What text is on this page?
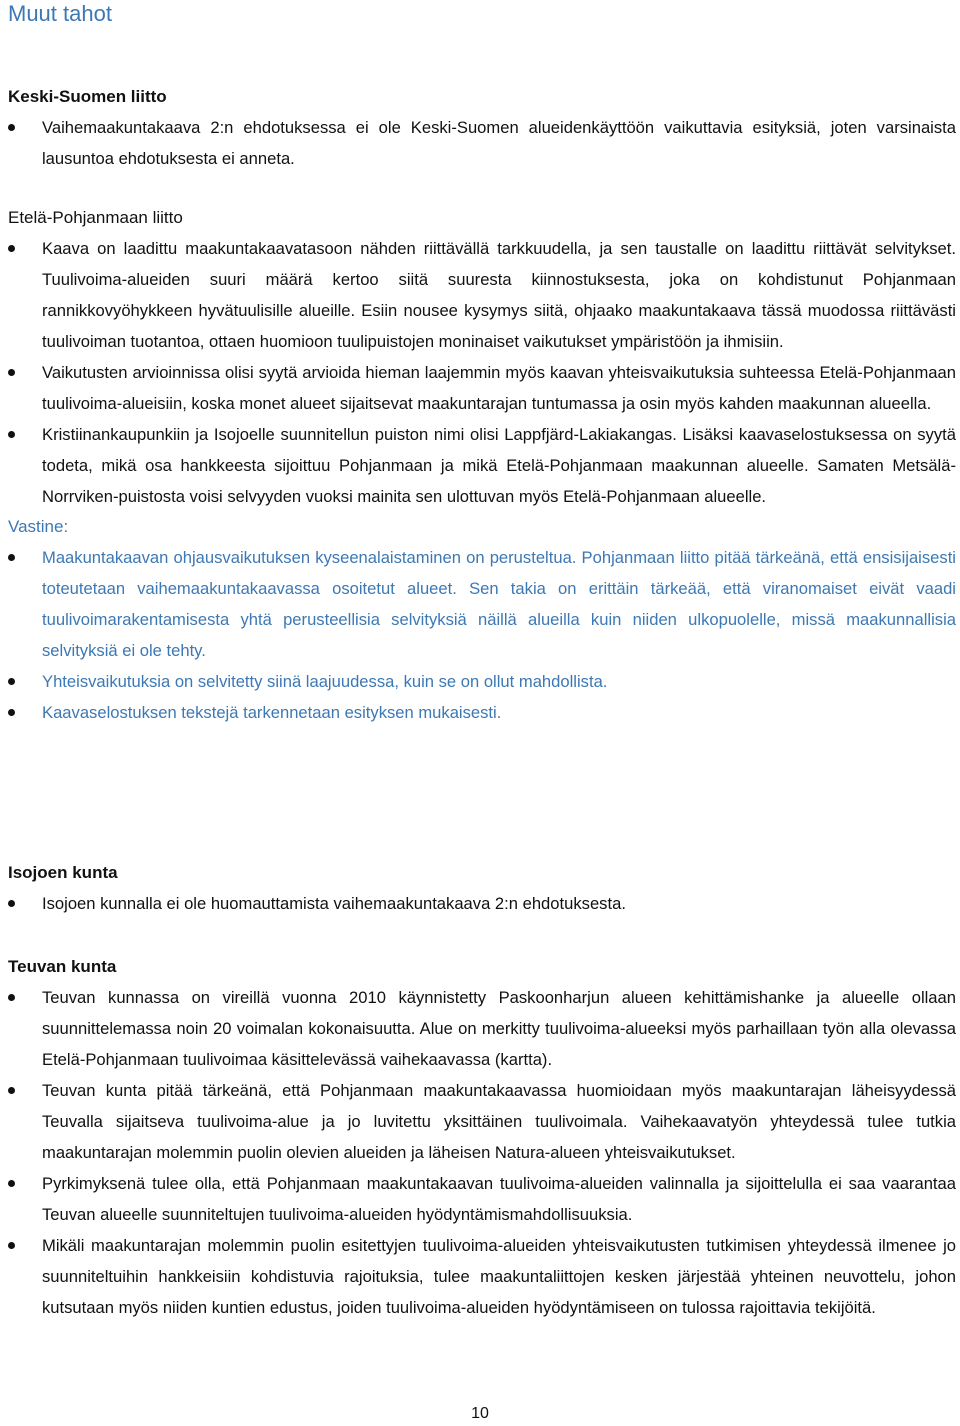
Muut tahot
Keski-Suomen liitto
Vaihemaakuntakaava 2:n ehdotuksessa ei ole Keski-Suomen alueidenkäyttöön vaikuttavia esityksiä, joten varsinaista lausuntoa ehdotuksesta ei anneta.
Etelä-Pohjanmaan liitto
Kaava on laadittu maakuntakaavatasoon nähden riittävällä tarkkuudella, ja sen taustalle on laadittu riittävät selvitykset. Tuulivoima-alueiden suuri määrä kertoo siitä suuresta kiinnostuksesta, joka on kohdistunut Pohjanmaan rannikkovyöhykkeen hyvätuulisille alueille. Esiin nousee kysymys siitä, ohjaako maakuntakaava tässä muodossa riittävästi tuulivoiman tuotantoa, ottaen huomioon tuulipuistojen moninaiset vaikutukset ympäristöön ja ihmisiin.
Vaikutusten arvioinnissa olisi syytä arvioida hieman laajemmin myös kaavan yhteisvaikutuksia suhteessa Etelä-Pohjanmaan tuulivoima-alueisiin, koska monet alueet sijaitsevat maakuntarajan tuntumassa ja osin myös kahden maakunnan alueella.
Kristiinankaupunkiin ja Isojoelle suunnitellun puiston nimi olisi Lappfjärd-Lakiakangas. Lisäksi kaavaselostuksessa on syytä todeta, mikä osa hankkeesta sijoittuu Pohjanmaan ja mikä Etelä-Pohjanmaan maakunnan alueelle. Samaten Metsälä-Norrviken-puistosta voisi selvyyden vuoksi mainita sen ulottuvan myös Etelä-Pohjanmaan alueelle.
Vastine:
Maakuntakaavan ohjausvaikutuksen kyseenalaistaminen on perusteltua. Pohjanmaan liitto pitää tärkeänä, että ensisijaisesti toteutetaan vaihemaakuntakaavassa osoitetut alueet. Sen takia on erittäin tärkeää, että viranomaiset eivät vaadi tuulivoimarakentamisesta yhtä perusteellisia selvityksiä näillä alueilla kuin niiden ulkopuolelle, missä maakunnallisia selvityksiä ei ole tehty.
Yhteisvaikutuksia on selvitetty siinä laajuudessa, kuin se on ollut mahdollista.
Kaavaselostuksen tekstejä tarkennetaan esityksen mukaisesti.
Isojoen kunta
Isojoen kunnalla ei ole huomauttamista vaihemaakuntakaava 2:n ehdotuksesta.
Teuvan kunta
Teuvan kunnassa on vireillä vuonna 2010 käynnistetty Paskoonharjun alueen kehittämishanke ja alueelle ollaan suunnittelemassa noin 20 voimalan kokonaisuutta. Alue on merkitty tuulivoima-alueeksi myös parhaillaan työn alla olevassa Etelä-Pohjanmaan tuulivoimaa käsittelevässä vaihekaavassa (kartta).
Teuvan kunta pitää tärkeänä, että Pohjanmaan maakuntakaavassa huomioidaan myös maakuntarajan läheisyydessä Teuvalla sijaitseva tuulivoima-alue ja jo luvitettu yksittäinen tuulivoimala. Vaihekaavatyön yhteydessä tulee tutkia maakuntarajan molemmin puolin olevien alueiden ja läheisen Natura-alueen yhteisvaikutukset.
Pyrkimyksenä tulee olla, että Pohjanmaan maakuntakaavan tuulivoima-alueiden valinnalla ja sijoittelulla ei saa vaarantaa Teuvan alueelle suunniteltujen tuulivoima-alueiden hyödyntämismahdollisuuksia.
Mikäli maakuntarajan molemmin puolin esitettyjen tuulivoima-alueiden yhteisvaikutusten tutkimisen yhteydessä ilmenee jo suunniteltuihin hankkeisiin kohdistuvia rajoituksia, tulee maakuntaliittojen kesken järjestää yhteinen neuvottelu, johon kutsutaan myös niiden kuntien edustus, joiden tuulivoima-alueiden hyödyntämiseen on tulossa rajoittavia tekijöitä.
10
